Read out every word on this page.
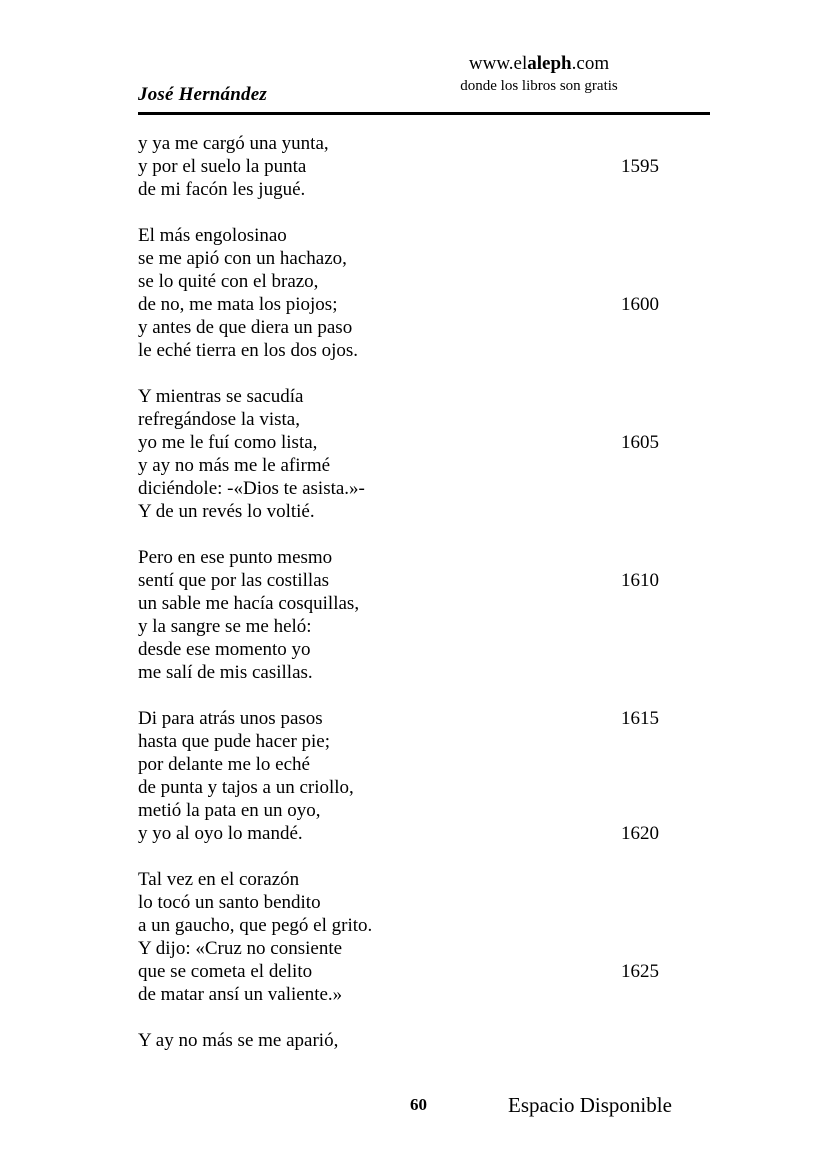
José Hernández
www.elaleph.com
donde los libros son gratis
y ya me cargó una yunta,
y por el suelo la punta	1595
de mi facón les jugué.
El más engolosinao
se me apió con un hachazo,
se lo quité con el brazo,
de no, me mata los piojos;	1600
y antes de que diera un paso
le eché tierra en los dos ojos.
Y mientras se sacudía
refregándose la vista,
yo me le fuí como lista,	1605
y ay no más me le afirmé
diciéndole: -«Dios te asista.»-
Y de un revés lo voltié.
Pero en ese punto mesmo
sentí que por las costillas	1610
un sable me hacía cosquillas,
y la sangre se me heló:
desde ese momento yo
me salí de mis casillas.
Di para atrás unos pasos	1615
hasta que pude hacer pie;
por delante me lo eché
de punta y tajos a un criollo,
metió la pata en un oyo,
y yo al oyo lo mandé.	1620
Tal vez en el corazón
lo tocó un santo bendito
a un gaucho, que pegó el grito.
Y dijo: «Cruz no consiente
que se cometa el delito	1625
de matar ansí un valiente.»
Y ay no más se me aparió,
60	Espacio Disponible
